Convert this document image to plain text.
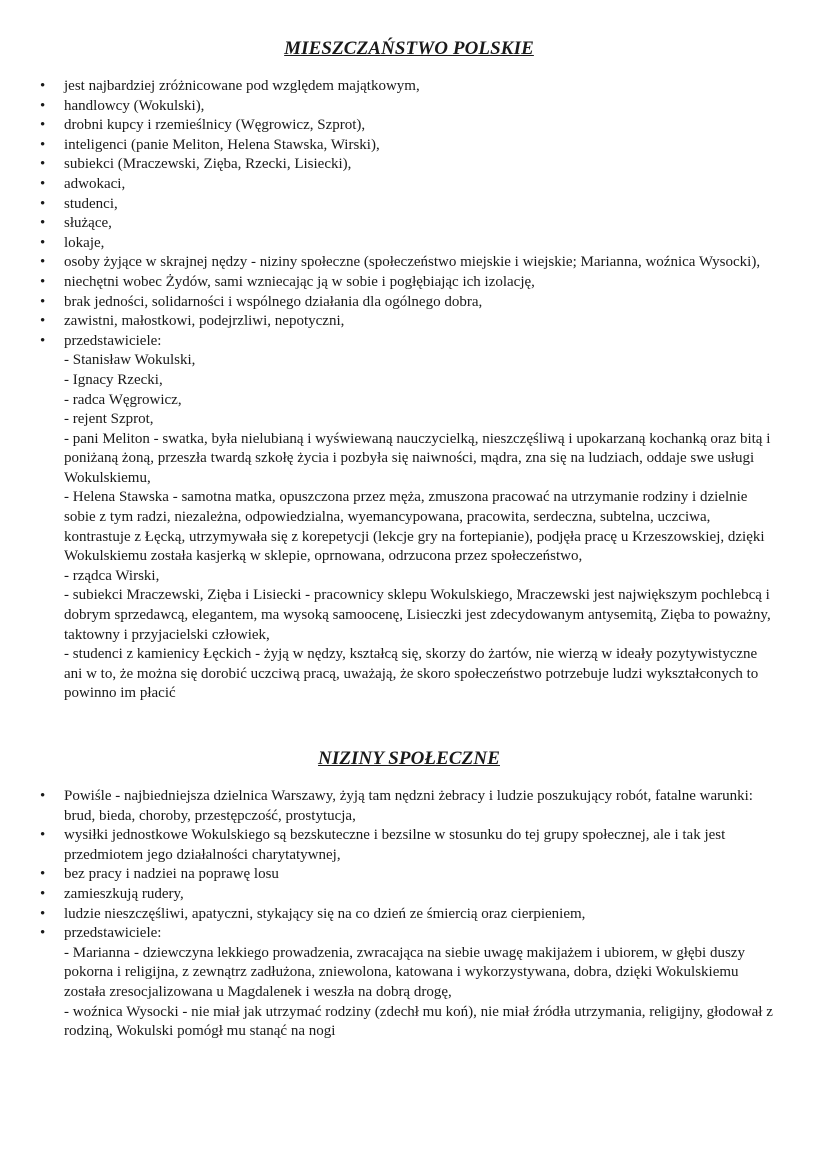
MIESZCZAŃSTWO POLSKIE
• jest najbardziej zróżnicowane pod względem majątkowym,
• handlowcy (Wokulski),
• drobni kupcy i rzemieślnicy (Węgrowicz, Szprot),
• inteligenci (panie Meliton, Helena Stawska, Wirski),
• subiekci (Mraczewski, Zięba, Rzecki, Lisiecki),
• adwokaci,
• studenci,
• służące,
• lokaje,
• osoby żyjące w skrajnej nędzy - niziny społeczne (społeczeństwo miejskie i wiejskie; Marianna, woźnica Wysocki),
• niechętni wobec Żydów, sami wzniecając ją w sobie i pogłębiając ich izolację,
• brak jedności, solidarności i wspólnego działania dla ogólnego dobra,
• zawistni, małostkowi, podejrzliwi, nepotyczni,
• przedstawiciele:
- Stanisław Wokulski,
- Ignacy Rzecki,
- radca Węgrowicz,
- rejent Szprot,
- pani Meliton - swatka, była nielubianą i wyświewaną nauczycielką, nieszczęśliwą i upokarzaną kochanką oraz bitą i poniżaną żoną, przeszła twardą szkołę życia i pozbyła się naiwności, mądra, zna się na ludziach, oddaje swe usługi Wokulskiemu,
- Helena Stawska - samotna matka, opuszczona przez męża, zmuszona pracować na utrzymanie rodziny i dzielnie sobie z tym radzi, niezależna, odpowiedzialna, wyemancypowana, pracowita, serdeczna, subtelna, uczciwa, kontrastuje z Łęcką, utrzymywała się z korepetycji (lekcje gry na fortepianie), podjęła pracę u Krzeszowskiej, dzięki Wokulskiemu została kasjerką w sklepie, oprnowana, odrzucona przez społeczeństwo,
- rządca Wirski,
- subiekci Mraczewski, Zięba i Lisiecki - pracownicy sklepu Wokulskiego, Mraczewski jest największym pochlebcą i dobrym sprzedawcą, elegantem, ma wysoką samoocenę, Lisieczki jest zdecydowanym antysemitą, Zięba to poważny, taktowny i przyjacielski człowiek,
- studenci z kamienicy Łęckich - żyją w nędzy, kształcą się, skorzy do żartów, nie wierzą w ideały pozytywistyczne ani w to, że można się dorobić uczciwą pracą, uważają, że skoro społeczeństwo potrzebuje ludzi wykształconych to powinno im płacić
NIZINY SPOŁECZNE
• Powiśle - najbiedniejsza dzielnica Warszawy, żyją tam nędzni żebracy i ludzie poszukujący robót, fatalne warunki: brud, bieda, choroby, przestępczość, prostytucja,
• wysiłki jednostkowe Wokulskiego są bezskuteczne i bezsilne w stosunku do tej grupy społecznej, ale i tak jest przedmiotem jego działalności charytatywnej,
• bez pracy i nadziei na poprawę losu
• zamieszkują rudery,
• ludzie nieszczęśliwi, apatyczni, stykający się na co dzień ze śmiercią oraz cierpieniem,
• przedstawiciele:
- Marianna - dziewczyna lekkiego prowadzenia, zwracająca na siebie uwagę makijażem i ubiorem, w głębi duszy pokorna i religijna, z zewnątrz zadłużona, zniewolona, katowana i wykorzystywana, dobra, dzięki Wokulskiemu została zresocjalizowana u Magdalenek i weszła na dobrą drogę,
- woźnica Wysocki - nie miał jak utrzymać rodziny (zdechł mu koń), nie miał źródła utrzymania, religijny, głodował z rodziną, Wokulski pomógł mu stanąć na nogi
